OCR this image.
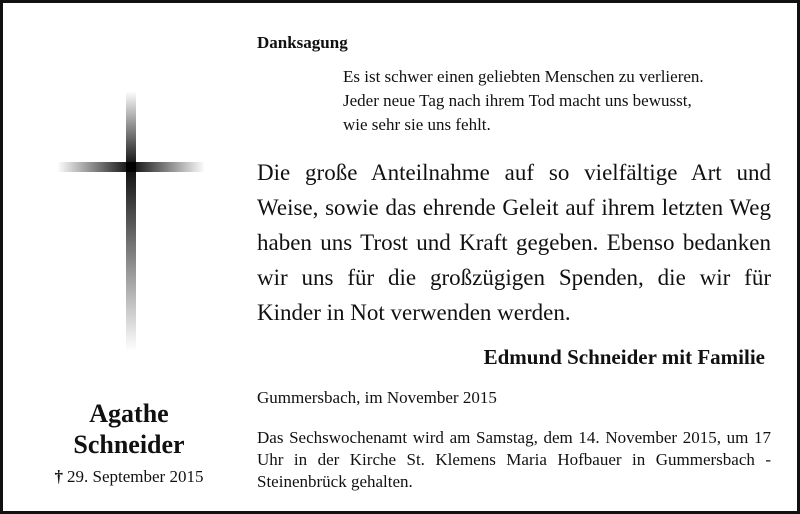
Agathe
Schneider
† 29. September 2015
Danksagung
Es ist schwer einen geliebten Menschen zu verlieren.
Jeder neue Tag nach ihrem Tod macht uns bewusst,
wie sehr sie uns fehlt.
Die große Anteilnahme auf so vielfältige Art und Weise, sowie das ehrende Geleit auf ihrem letzten Weg haben uns Trost und Kraft gegeben. Ebenso bedanken wir uns für die großzügigen Spenden, die wir für Kinder in Not verwenden werden.
Edmund Schneider mit Familie
Gummersbach, im November 2015
Das Sechswochenamt wird am Samstag, dem 14. November 2015, um 17 Uhr in der Kirche St. Klemens Maria Hofbauer in Gummersbach - Steinenbrück gehalten.
